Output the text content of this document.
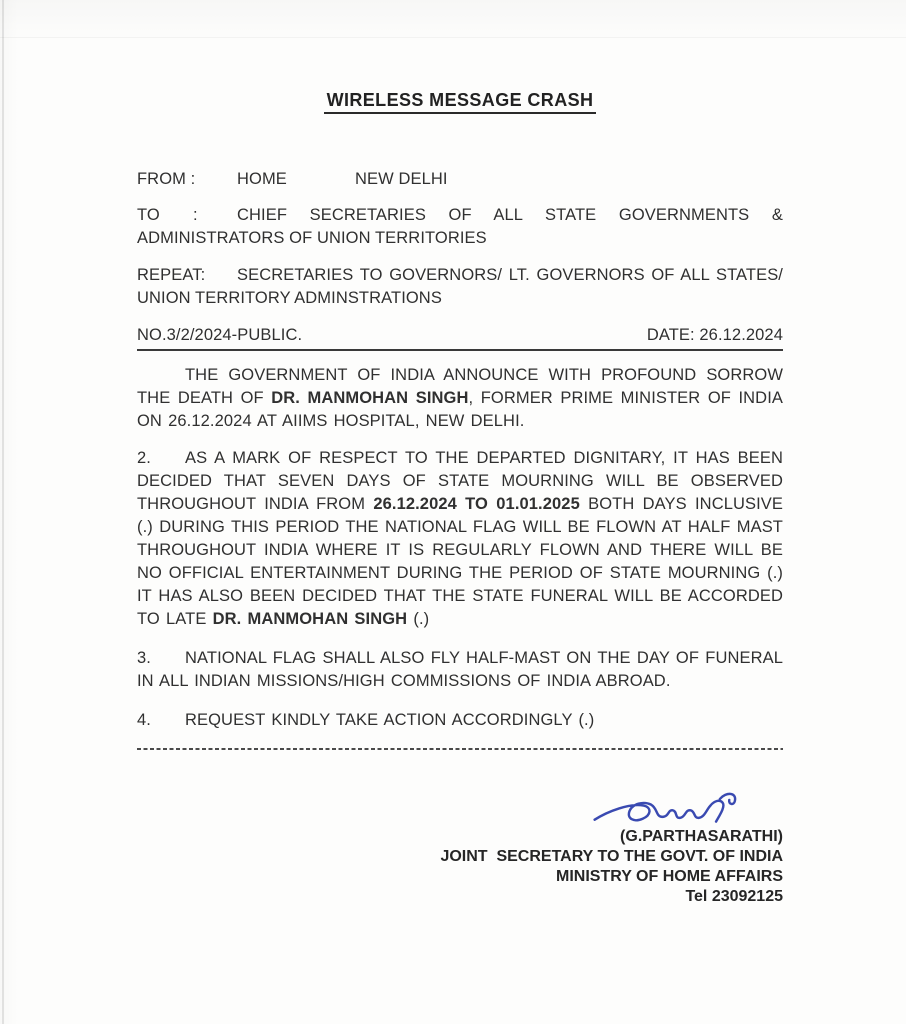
WIRELESS MESSAGE CRASH
FROM :	HOME	NEW DELHI
TO : CHIEF SECRETARIES OF ALL STATE GOVERNMENTS & ADMINISTRATORS OF UNION TERRITORIES
REPEAT: SECRETARIES TO GOVERNORS/ LT. GOVERNORS OF ALL STATES/ UNION TERRITORY ADMINSTRATIONS
NO.3/2/2024-PUBLIC.	DATE: 26.12.2024
THE GOVERNMENT OF INDIA ANNOUNCE WITH PROFOUND SORROW THE DEATH OF DR. MANMOHAN SINGH, FORMER PRIME MINISTER OF INDIA ON 26.12.2024 AT AIIMS HOSPITAL, NEW DELHI.
2. AS A MARK OF RESPECT TO THE DEPARTED DIGNITARY, IT HAS BEEN DECIDED THAT SEVEN DAYS OF STATE MOURNING WILL BE OBSERVED THROUGHOUT INDIA FROM 26.12.2024 TO 01.01.2025 BOTH DAYS INCLUSIVE (.) DURING THIS PERIOD THE NATIONAL FLAG WILL BE FLOWN AT HALF MAST THROUGHOUT INDIA WHERE IT IS REGULARLY FLOWN AND THERE WILL BE NO OFFICIAL ENTERTAINMENT DURING THE PERIOD OF STATE MOURNING (.) IT HAS ALSO BEEN DECIDED THAT THE STATE FUNERAL WILL BE ACCORDED TO LATE DR. MANMOHAN SINGH (.)
3. NATIONAL FLAG SHALL ALSO FLY HALF-MAST ON THE DAY OF FUNERAL IN ALL INDIAN MISSIONS/HIGH COMMISSIONS OF INDIA ABROAD.
4. REQUEST KINDLY TAKE ACTION ACCORDINGLY (.)
(G.PARTHASARATHI)
JOINT  SECRETARY TO THE GOVT. OF INDIA
MINISTRY OF HOME AFFAIRS
Tel 23092125
